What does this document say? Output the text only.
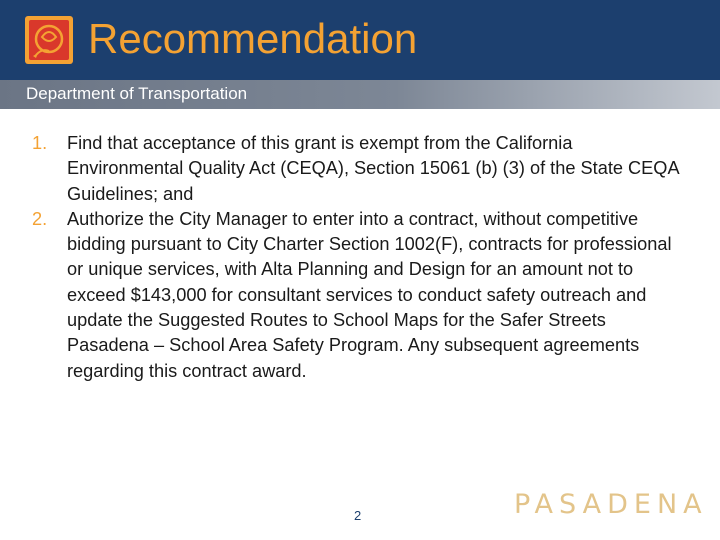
Recommendation
Department of Transportation
1. Find that acceptance of this grant is exempt from the California Environmental Quality Act (CEQA), Section 15061 (b) (3) of the State CEQA Guidelines; and
2. Authorize the City Manager to enter into a contract, without competitive bidding pursuant to City Charter Section 1002(F), contracts for professional or unique services, with Alta Planning and Design for an amount not to exceed $143,000 for consultant services to conduct safety outreach and update the Suggested Routes to School Maps for the Safer Streets Pasadena – School Area Safety Program. Any subsequent agreements regarding this contract award.
2	PASADENA
